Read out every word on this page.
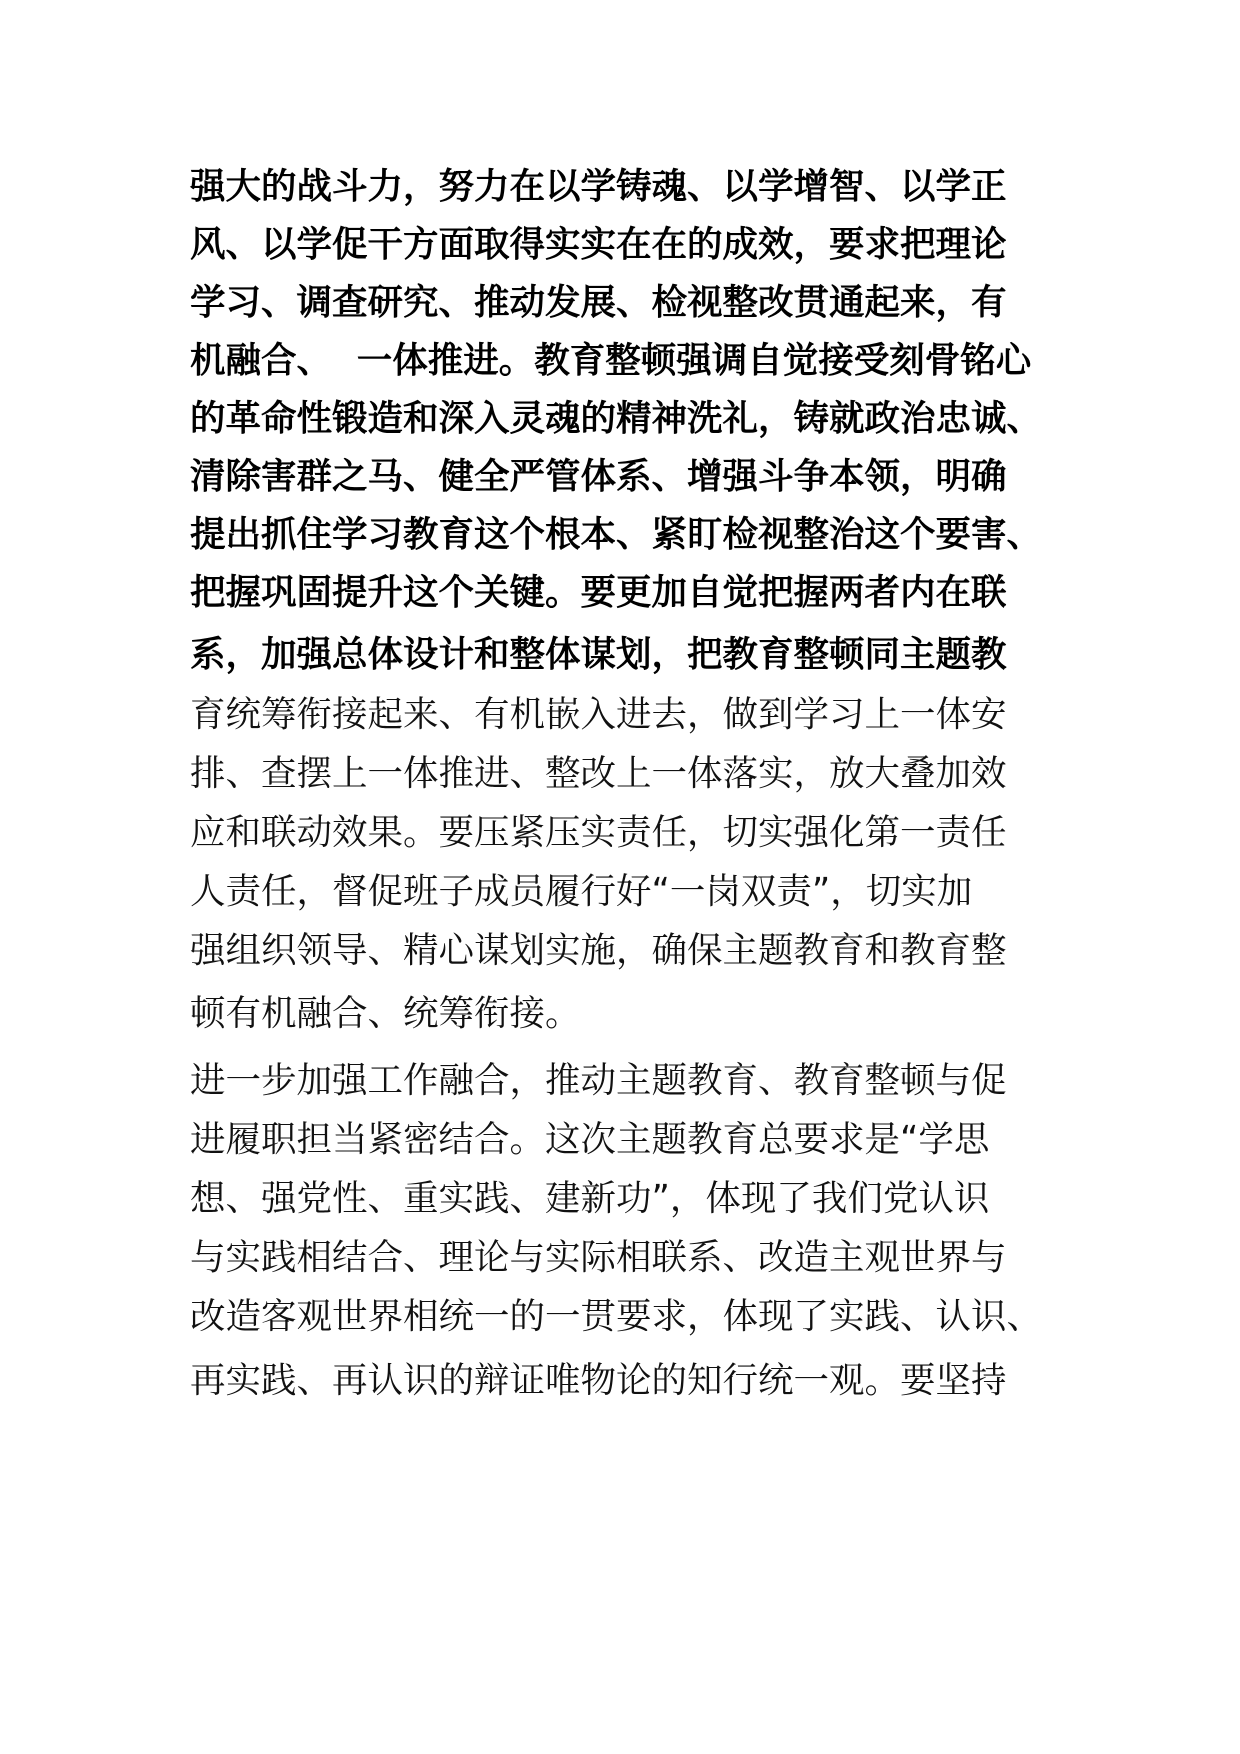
强大的战斗力，努力在以学铸魂、以学增智、以学正
风、以学促干方面取得实实在在的成效，要求把理论
学习、调查研究、推动发展、检视整改贯通起来，有
机融合、  一体推进。教育整顿强调自觉接受刻骨铭心
的革命性锻造和深入灵魂的精神洗礼，铸就政治忠诚、
清除害群之马、健全严管体系、增强斗争本领，明确
提出抓住学习教育这个根本、紧盯检视整治这个要害、
把握巩固提升这个关键。要更加自觉把握两者内在联
系，加强总体设计和整体谋划，把教育整顿同主题教
育统筹衔接起来、有机嵌入进去，做到学习上一体安
排、查摆上一体推进、整改上一体落实，放大叠加效
应和联动效果。要压紧压实责任，切实强化第一责任
人责任，督促班子成员履行好“一岗双责”，切实加
强组织领导、精心谋划实施，确保主题教育和教育整
顿有机融合、统筹衔接。
进一步加强工作融合，推动主题教育、教育整顿与促
进履职担当紧密结合。这次主题教育总要求是“学思
想、强党性、重实践、建新功”，体现了我们党认识
与实践相结合、理论与实际相联系、改造主观世界与
改造客观世界相统一的一贯要求，体现了实践、认识、
再实践、再认识的辩证唯物论的知行统一观。要坚持
